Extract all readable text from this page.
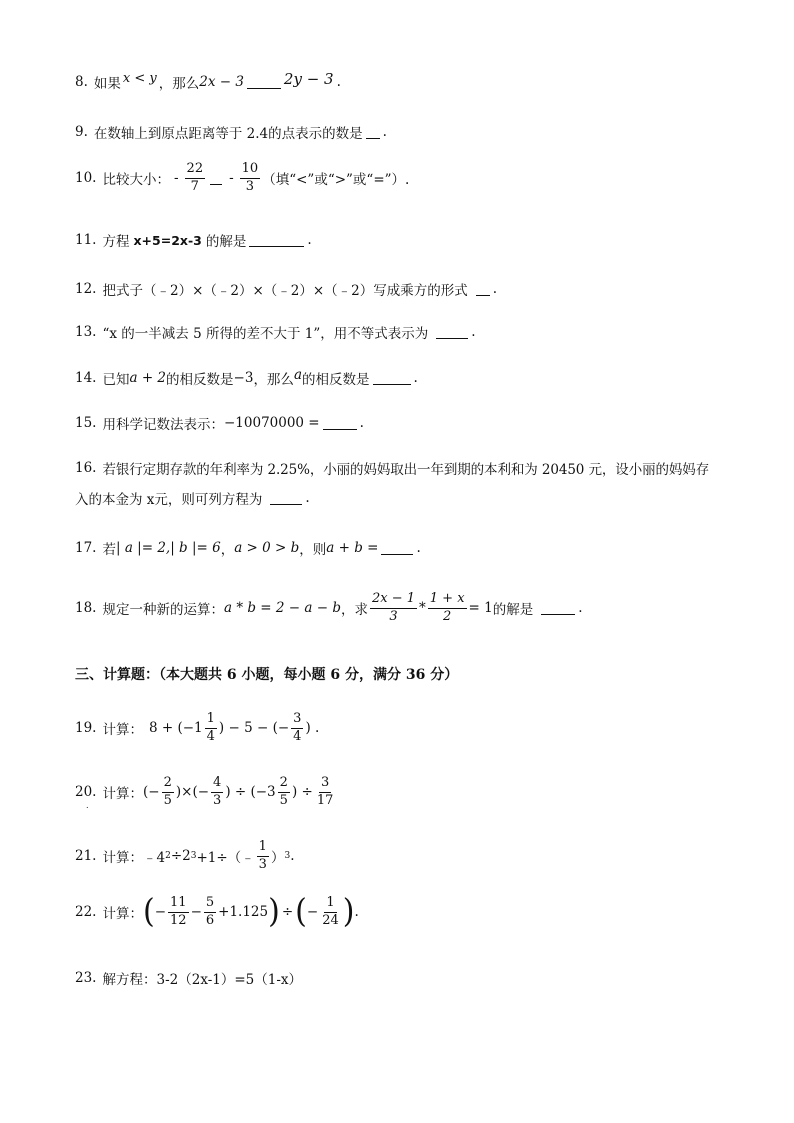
8. 如果 x < y ，那么 2x − 3	2y − 3 .
9. 在数轴上到原点距离等于 2.4的点表示的数是 .
10. 比较大小： - $\frac{22}{7} - \frac{10}{3}$ （填“<”或“>”或“=”）.
11. 方程 x+5=2x-3 的解是	.
12. 把式子（﹣2）×（﹣2）×（﹣2）×（﹣2）写成乘方的形式 .
13. “x 的一半减去 5 所得的差不大于 1”，用不等式表示为	.
14. 已知 a + 2 的相反数是 −3 ，那么 a 的相反数是	.
15. 用科学记数法表示： −10070000 =	.
16. 若银行定期存款的年利率为 2.25%，小丽的妈妈取出一年到期的本利和为 20450 元，设小丽的妈妈存
入的本金为 x元，则可列方程为	.
17. 若 | a |= 2,| b |= 6 ， a > 0 > b ，则 a + b =	.
18. 规定一种新的运算： a * b = 2 − a − b ，求 $\frac{2x - 1}{3} * \frac{1 + x}{2} = 1$ 的解是	.
三、计算题：（本大题共 6 小题，每小题 6 分，满分 36 分）
19. 计算： $8 + (-1 \frac{1}{4}$ ) − 5 − (− $\frac{3}{4}$ ) .
20. 计算： (− $\frac{2}{5}$ )×(− $\frac{4}{3}$ ) ÷ ($-3 \frac{2}{5}$ ) ÷ $\frac{3}{17}$
.
21. 计算：﹣4 2 ÷2 3 +1÷（﹣ $\frac{1}{3}$ ） 3 .
22. 计算： ( − $\frac{11}{12} - \frac{5}{6} +1.125$ ) ÷ ( − $\frac{1}{24}$ ) .
23. 解方程：3-2（2x-1）=5（1-x）
